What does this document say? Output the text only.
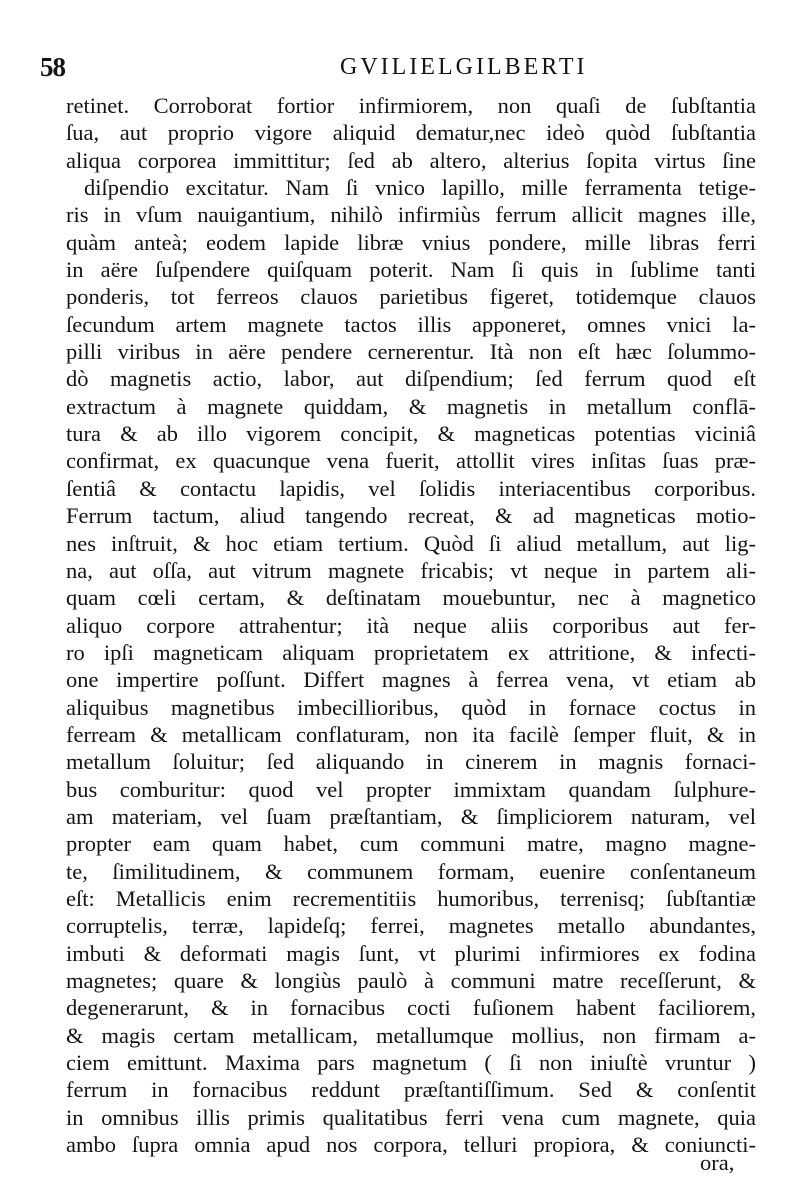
58	GVILIELGILBERTI
retinet. Corroborat fortior infirmiorem, non quaſi de ſubſtantia
ſua, aut proprio vigore aliquid dematur,nec ideò quòd ſubſtantia
aliqua corporea immittitur; ſed ab altero, alterius ſopita virtus ſine
diſpendio excitatur. Nam ſi vnico lapillo, mille ferramenta tetige-
ris in vſum nauigantium, nihilò infirmiùs ferrum allicit magnes ille,
quàm anteà; eodem lapide libræ vnius pondere, mille libras ferri
in aëre ſuſpendere quiſquam poterit. Nam ſi quis in ſublime tanti
ponderis, tot ferreos clauos parietibus figeret, totidemque clauos
ſecundum artem magnete tactos illis apponeret, omnes vnici la-
pilli viribus in aëre pendere cernerentur. Ità non eſt hæc ſolummo-
dò magnetis actio, labor, aut diſpendium; ſed ferrum quod eſt
extractum à magnete quiddam, & magnetis in metallum conflā-
tura & ab illo vigorem concipit, & magneticas potentias viciniâ
confirmat, ex quacunque vena fuerit, attollit vires inſitas ſuas præ-
ſentiâ & contactu lapidis, vel ſolidis interiacentibus corporibus.
Ferrum tactum, aliud tangendo recreat, & ad magneticas motio-
nes inſtruit, & hoc etiam tertium. Quòd ſi aliud metallum, aut lig-
na, aut oſſa, aut vitrum magnete fricabis; vt neque in partem ali-
quam cœli certam, & deſtinatam mouebuntur, nec à magnetico
aliquo corpore attrahentur; ità neque aliis corporibus aut fer-
ro ipſi magneticam aliquam proprietatem ex attritione, & infecti-
one impertire poſſunt. Differt magnes à ferrea vena, vt etiam ab
aliquibus magnetibus imbecillioribus, quòd in fornace coctus in
ferream & metallicam conflaturam, non ita facilè ſemper fluit, & in
metallum ſoluitur; ſed aliquando in cinerem in magnis fornaci-
bus comburitur: quod vel propter immixtam quandam ſulphure-
am materiam, vel ſuam præſtantiam, & ſimpliciorem naturam, vel
propter eam quam habet, cum communi matre, magno magne-
te, ſimilitudinem, & communem formam, euenire conſentaneum
eſt: Metallicis enim recrementitiis humoribus, terrenisq; ſubſtantiæ
corruptelis, terræ, lapideſq; ferrei, magnetes metallo abundantes,
imbuti & deformati magis ſunt, vt plurimi infirmiores ex fodina
magnetes; quare & longiùs paulò à communi matre receſſerunt, &
degenerarunt, & in fornacibus cocti fuſionem habent faciliorem,
& magis certam metallicam, metallumque mollius, non firmam a-
ciem emittunt. Maxima pars magnetum ( ſi non iniuſtè vruntur )
ferrum in fornacibus reddunt præſtantiſſimum. Sed & conſentit
in omnibus illis primis qualitatibus ferri vena cum magnete, quia
ambo ſupra omnia apud nos corpora, telluri propiora, & coniuncti-
ora,
